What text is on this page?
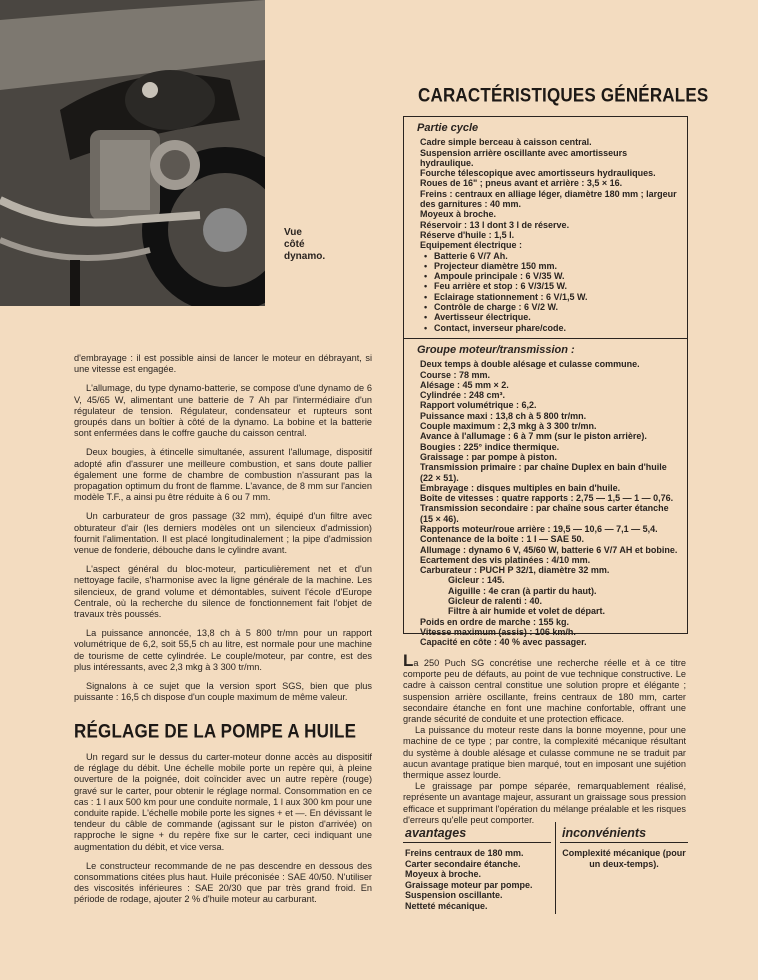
Vue
côté
dynamo.

d'embrayage : il est possible ainsi de lancer le moteur en débrayant, si une vitesse est engagée.

L'allumage, du type dynamo-batterie, se compose d'une dynamo de 6 V, 45/65 W, alimentant une batterie de 7 Ah par l'intermédiaire d'un régulateur de tension. Régulateur, condensateur et rupteurs sont groupés dans un boîtier à côté de la dynamo. La bobine et la batterie sont enfermées dans le coffre gauche du caisson central.

Deux bougies, à étincelle simultanée, assurent l'allumage, dispositif adopté afin d'assurer une meilleure combustion, et sans doute pallier également une forme de chambre de combustion n'assurant pas la propagation optimum du front de flamme. L'avance, de 8 mm sur l'ancien modèle T.F., a ainsi pu être réduite à 6 ou 7 mm.

Un carburateur de gros passage (32 mm), équipé d'un filtre avec obturateur d'air (les derniers modèles ont un silencieux d'admission) fournit l'alimentation. Il est placé longitudinalement ; la pipe d'admission venue de fonderie, débouche dans le cylindre avant.

L'aspect général du bloc-moteur, particulièrement net et d'un nettoyage facile, s'harmonise avec la ligne générale de la machine. Les silencieux, de grand volume et démontables, suivent l'école d'Europe Centrale, où la recherche du silence de fonctionnement fait l'objet de travaux très poussés.

La puissance annoncée, 13,8 ch à 5 800 tr/mn pour un rapport volumétrique de 6,2, soit 55,5 ch au litre, est normale pour une machine de tourisme de cette cylindrée. Le couple/moteur, par contre, est des plus intéressants, avec 2,3 mkg à 3 300 tr/mn.

Signalons à ce sujet que la version sport SGS, bien que plus puissante : 16,5 ch dispose d'un couple maximum de même valeur.

RÉGLAGE DE LA POMPE A HUILE

Un regard sur le dessus du carter-moteur donne accès au dispositif de réglage du débit. Une échelle mobile porte un repère qui, à pleine ouverture de la poignée, doit coïncider avec un autre repère (rouge) gravé sur le carter, pour obtenir le réglage normal. Consommation en ce cas : 1 l aux 500 km pour une conduite normale, 1 l aux 300 km pour une conduite rapide. L'échelle mobile porte les signes + et —. En dévissant le tendeur du câble de commande (agissant sur le piston d'arrivée) on rapproche le signe + du repère fixe sur le carter, ceci indiquant une augmentation du débit, et vice versa.

Le constructeur recommande de ne pas descendre en dessous des consommations citées plus haut. Huile préconisée : SAE 40/50. N'utiliser des viscosités inférieures : SAE 20/30 que par très grand froid. En période de rodage, ajouter 2 % d'huile moteur au carburant.

CARACTÉRISTIQUES GÉNÉRALES
Partie cycle
Cadre simple berceau à caisson central.
Suspension arrière oscillante avec amortisseurs hydraulique.
Fourche télescopique avec amortisseurs hydrauliques.
Roues de 16" ; pneus avant et arrière : 3,5 × 16.
Freins : centraux en alliage léger, diamètre 180 mm ; largeur des garnitures : 40 mm.
Moyeux à broche.
Réservoir : 13 l dont 3 l de réserve.
Réserve d'huile : 1,5 l.
Equipement électrique :
• Batterie 6 V/7 Ah.
• Projecteur diamètre 150 mm.
• Ampoule principale : 6 V/35 W.
• Feu arrière et stop : 6 V/3/15 W.
• Eclairage stationnement : 6 V/1,5 W.
• Contrôle de charge : 6 V/2 W.
• Avertisseur électrique.
• Contact, inverseur phare/code.
Groupe moteur/transmission :
Deux temps à double alésage et culasse commune.
Course : 78 mm.
Alésage : 45 mm × 2.
Cylindrée : 248 cm³.
Rapport volumétrique : 6,2.
Puissance maxi : 13,8 ch à 5 800 tr/mn.
Couple maximum : 2,3 mkg à 3 300 tr/mn.
Avance à l'allumage : 6 à 7 mm (sur le piston arrière).
Bougies : 225° indice thermique.
Graissage : par pompe à piston.
Transmission primaire : par chaîne Duplex en bain d'huile (22 × 51).
Embrayage : disques multiples en bain d'huile.
Boîte de vitesses : quatre rapports : 2,75 — 1,5 — 1 — 0,76.
Transmission secondaire : par chaîne sous carter étanche (15 × 46).
Rapports moteur/roue arrière : 19,5 — 10,6 — 7,1 — 5,4.
Contenance de la boîte : 1 l — SAE 50.
Allumage : dynamo 6 V, 45/60 W, batterie 6 V/7 AH et bobine.
Ecartement des vis platinées : 4/10 mm.
Carburateur : PUCH P 32/1, diamètre 32 mm.
Gicleur : 145.
Aiguille : 4e cran (à partir du haut).
Gicleur de ralenti : 40.
Filtre à air humide et volet de départ.
Poids en ordre de marche : 155 kg.
Vitesse maximum (assis) : 106 km/h.
Capacité en côte : 40 % avec passager.

La 250 Puch SG concrétise une recherche réelle et à ce titre comporte peu de défauts, au point de vue technique constructive. Le cadre à caisson central constitue une solution propre et élégante ; suspension arrière oscillante, freins centraux de 180 mm, carter secondaire étanche en font une machine confortable, offrant une grande sécurité de conduite et une protection efficace.

La puissance du moteur reste dans la bonne moyenne, pour une machine de ce type ; par contre, la complexité mécanique résultant du système à double alésage et culasse commune ne se traduit par aucun avantage pratique bien marqué, tout en imposant une sujétion thermique assez lourde.

Le graissage par pompe séparée, remarquablement réalisé, représente un avantage majeur, assurant un graissage sous pression efficace et supprimant l'opération du mélange préalable et les risques d'erreurs qu'elle peut comporter.

avantages	inconvénients
Freins centraux de 180 mm.
Carter secondaire étanche.
Moyeux à broche.
Graissage moteur par pompe.
Suspension oscillante.
Netteté mécanique.
Complexité mécanique (pour un deux-temps).
